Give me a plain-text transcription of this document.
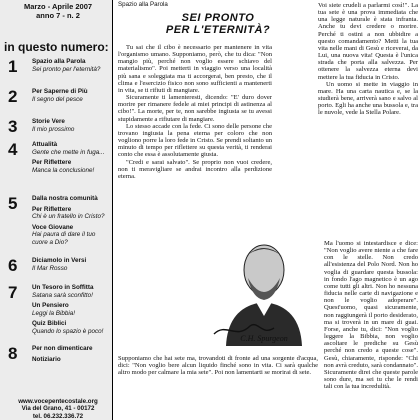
Marzo - Aprile 2007
anno 7 - n. 2
in questo numero:
1 Spazio alla Parola
Sei pronto per l'eternità?
2 Per Saperne di Più
Il segno del pesce
3 Storie Vere
Il mio prossimo
4 Attualità
Gente che mette in fuga...
Per Riflettere
Manca la conclusione!
5 Dalla nostra comunità
Per Riflettere
Chi è un fratello in Cristo?
Voce Giovane
Hai paura di dare il tuo cuore a Dio?
6 Diciamolo in Versi
Il Mar Rosso
7 Un Tesoro in Soffitta
Satana sarà sconfitto!
Un Pensiero
Leggi la Bibbia!
Quiz Biblici
Quando lo spazio è poco!
8 Per non dimenticare
Notiziario
www.vocepentecostale.org
Via del Grano, 41 - 00172
tel. 06.232.336.72
Spazio alla Parola
SEI PRONTO
PER L'ETERNITÀ?

Tu sai che il cibo è necessario per mantenere in vita l'organismo umano. Supponiamo, però, che tu dica: "Non mangio più, perché non voglio essere schiavo del materialismo". Poi metterti in viaggio verso una località più sana e soleggiata ma ti accorgerai, ben presto, che il clima e l'esercizio fisico non sono sufficienti a mantenerti in vita, se ti rifiuti di mangiare.

Sicuramente ti lamenteresti, dicendo: "E' duro dover morire per rimanere fedele ai miei principi di astinenza al cibo!". La morte, per te, non sarebbe ingiusta se tu avessi stupidamente a rifiutare di mangiare.

Lo stesso accade con la fede. Ci sono delle persone che trovano ingiusta la pena eterna per coloro che non vogliono porre la loro fede in Cristo. Se prendi soltanto un minuto di tempo per riflettere su questa verità, ti renderai conto che essa è assolutamente giusta.

"Credi e sarai salvato". Se proprio non vuoi credere, non ti meravigliare se andrai incontro alla perdizione eterna.

C.H. Spurgeon

Supponiamo che hai sete ma, trovandoti di fronte ad una sorgente d'acqua, dici: "Non voglio bere alcun liquido finché sono in vita. Ci sarà qualche altro modo per calmare la mia sete". Poi non lamentarti se morirai di sete.

Voi siete crudeli a parlarmi così!". La tua sete è una prova immediata che una legge naturale è stata infranta. Anche tu devi credere o morire. Perché ti ostini a non ubbidire a questo comandamento? Metti la tua vita nelle mani di Gesù e riceverai, da Lui, una nuova vita! Questa è l'unica strada che porta alla salvezza. Per ottenere la salvezza eterna devi mettere la tua fiducia in Cristo.

Un uomo si mette in viaggio in mare. Ha una carta nautica e, se la studierà bene, arriverà sano e salvo al porto. Egli ha anche una bussola e, tra le nuvole, vede la Stella Polare.

Ma l'uomo si intestardisce e dice: "Non voglio avere niente a che fare con le stelle. Non credo all'esistenza del Polo Nord. Non ho voglia di guardare questa bussola: in fondo l'ago magnetico è un ago come tutti gli altri. Non ho nessuna fiducia nelle carte di navigazione e non le voglio adoperare". Quest'uomo, quasi sicuramente, non raggiungerà il porto desiderato, ma si troverà in un mare di guai. Forse, anche tu, dici: "Non voglio leggere la Bibbia, non voglio ascoltare le prediche su Gesù perché non credo a queste cose". Gesù, chiaramente, risponde: "Chi non avrà creduto, sarà condannato". Sicuramente direi che queste parole sono dure, ma sei tu che le rendi tali con la tua incredulità.
